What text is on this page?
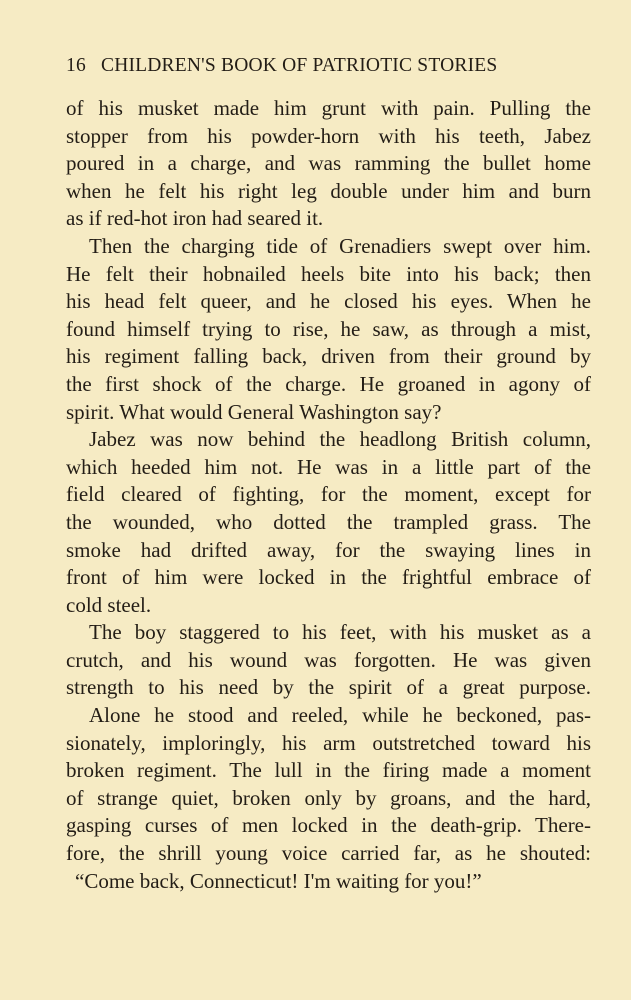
16 CHILDREN'S BOOK OF PATRIOTIC STORIES
of his musket made him grunt with pain. Pulling the
stopper from his powder-horn with his teeth, Jabez
poured in a charge, and was ramming the bullet home
when he felt his right leg double under him and burn
as if red-hot iron had seared it.
Then the charging tide of Grenadiers swept over him.
He felt their hobnailed heels bite into his back; then
his head felt queer, and he closed his eyes. When he
found himself trying to rise, he saw, as through a mist,
his regiment falling back, driven from their ground by
the first shock of the charge. He groaned in agony of
spirit. What would General Washington say?
Jabez was now behind the headlong British column,
which heeded him not. He was in a little part of the
field cleared of fighting, for the moment, except for
the wounded, who dotted the trampled grass. The
smoke had drifted away, for the swaying lines in
front of him were locked in the frightful embrace of
cold steel.
The boy staggered to his feet, with his musket as a
crutch, and his wound was forgotten. He was given
strength to his need by the spirit of a great purpose.
Alone he stood and reeled, while he beckoned, pas-
sionately, imploringly, his arm outstretched toward his
broken regiment. The lull in the firing made a moment
of strange quiet, broken only by groans, and the hard,
gasping curses of men locked in the death-grip. There-
fore, the shrill young voice carried far, as he shouted:
“Come back, Connecticut! I'm waiting for you!”
